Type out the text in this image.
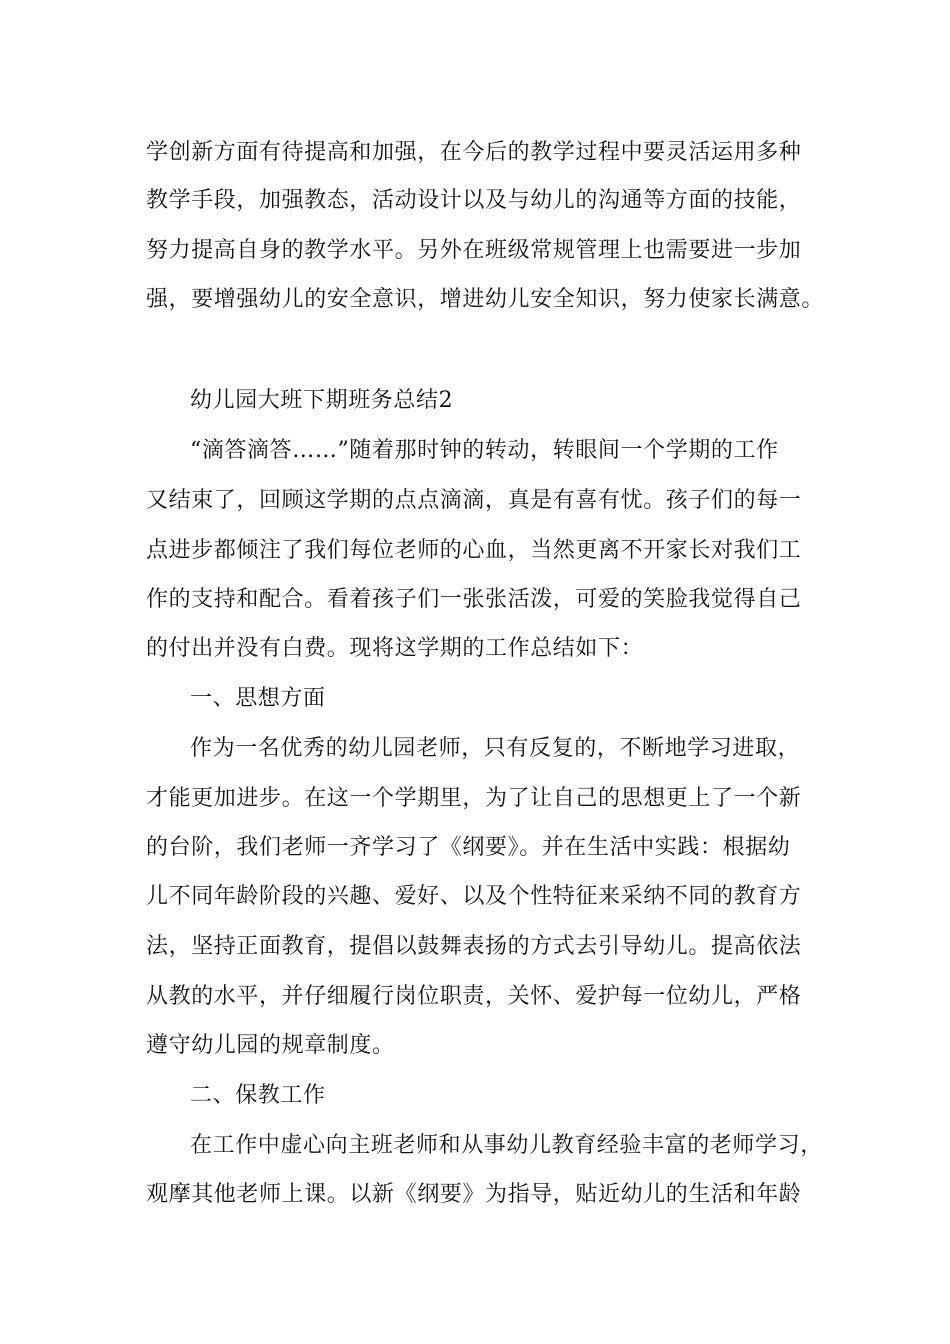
学创新方面有待提高和加强，在今后的教学过程中要灵活运用多种
教学手段，加强教态，活动设计以及与幼儿的沟通等方面的技能，
努力提高自身的教学水平。另外在班级常规管理上也需要进一步加
强，要增强幼儿的安全意识，增进幼儿安全知识，努力使家长满意。
幼儿园大班下期班务总结2
“滴答滴答……”随着那时钟的转动，转眼间一个学期的工作
又结束了，回顾这学期的点点滴滴，真是有喜有忧。孩子们的每一
点进步都倾注了我们每位老师的心血，当然更离不开家长对我们工
作的支持和配合。看着孩子们一张张活泼，可爱的笑脸我觉得自己
的付出并没有白费。现将这学期的工作总结如下：
一、思想方面
作为一名优秀的幼儿园老师，只有反复的，不断地学习进取，
才能更加进步。在这一个学期里，为了让自己的思想更上了一个新
的台阶，我们老师一齐学习了《纲要》。并在生活中实践：根据幼
儿不同年龄阶段的兴趣、爱好、以及个性特征来采纳不同的教育方
法，坚持正面教育，提倡以鼓舞表扬的方式去引导幼儿。提高依法
从教的水平，并仔细履行岗位职责，关怀、爱护每一位幼儿，严格
遵守幼儿园的规章制度。
二、保教工作
在工作中虚心向主班老师和从事幼儿教育经验丰富的老师学习，
观摩其他老师上课。以新《纲要》为指导，贴近幼儿的生活和年龄
